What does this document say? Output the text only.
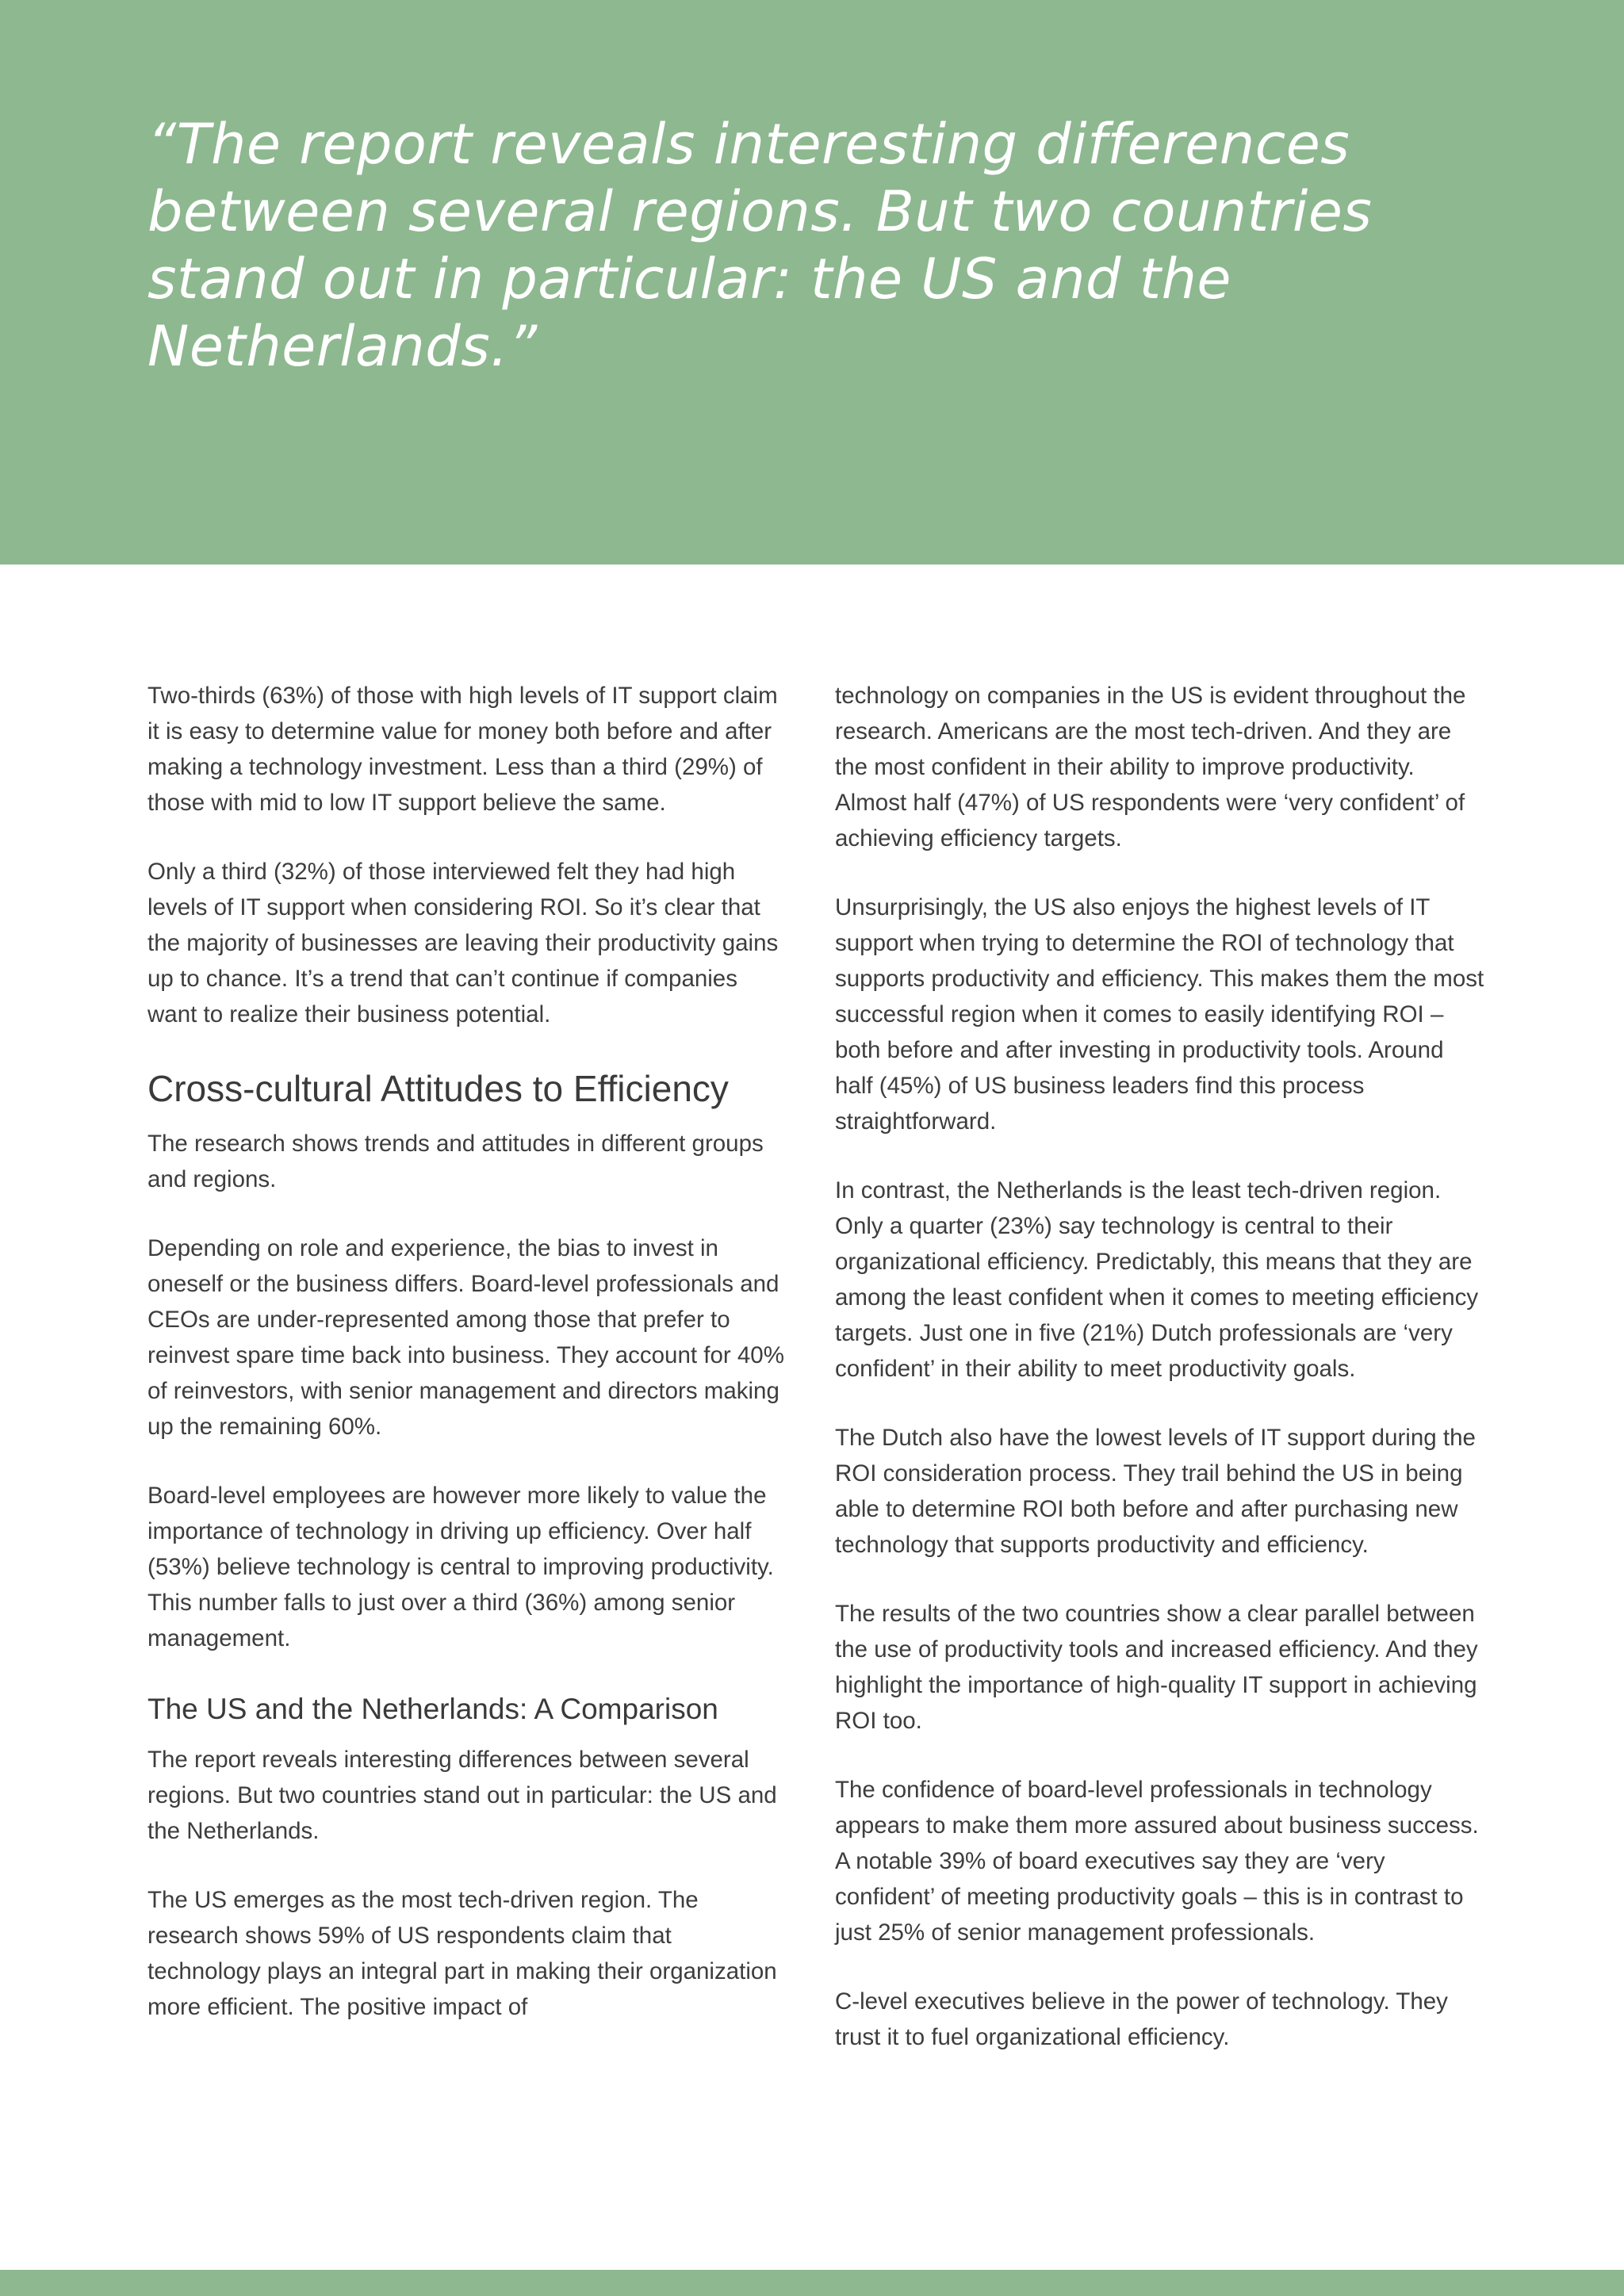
“The report reveals interesting differences between several regions. But two countries stand out in particular: the US and the Netherlands.”

Two-thirds (63%) of those with high levels of IT support claim it is easy to determine value for money both before and after making a technology investment. Less than a third (29%) of those with mid to low IT support believe the same.

Only a third (32%) of those interviewed felt they had high levels of IT support when considering ROI. So it’s clear that the majority of businesses are leaving their productivity gains up to chance. It’s a trend that can’t continue if companies want to realize their business potential.

Cross-cultural Attitudes to Efficiency

The research shows trends and attitudes in different groups and regions.

Depending on role and experience, the bias to invest in oneself or the business differs. Board-level professionals and CEOs are under-represented among those that prefer to reinvest spare time back into business. They account for 40% of reinvestors, with senior management and directors making up the remaining 60%.

Board-level employees are however more likely to value the importance of technology in driving up efficiency. Over half (53%) believe technology is central to improving productivity. This number falls to just over a third (36%) among senior management.

The US and the Netherlands: A Comparison

The report reveals interesting differences between several regions. But two countries stand out in particular: the US and the Netherlands.

The US emerges as the most tech-driven region. The research shows 59% of US respondents claim that technology plays an integral part in making their organization more efficient. The positive impact of

technology on companies in the US is evident throughout the research. Americans are the most tech-driven. And they are the most confident in their ability to improve productivity. Almost half (47%) of US respondents were ‘very confident’ of achieving efficiency targets.

Unsurprisingly, the US also enjoys the highest levels of IT support when trying to determine the ROI of technology that supports productivity and efficiency. This makes them the most successful region when it comes to easily identifying ROI – both before and after investing in productivity tools. Around half (45%) of US business leaders find this process straightforward.

In contrast, the Netherlands is the least tech-driven region. Only a quarter (23%) say technology is central to their organizational efficiency. Predictably, this means that they are among the least confident when it comes to meeting efficiency targets. Just one in five (21%) Dutch professionals are ‘very confident’ in their ability to meet productivity goals.

The Dutch also have the lowest levels of IT support during the ROI consideration process. They trail behind the US in being able to determine ROI both before and after purchasing new technology that supports productivity and efficiency.

The results of the two countries show a clear parallel between the use of productivity tools and increased efficiency. And they highlight the importance of high-quality IT support in achieving ROI too.

The confidence of board-level professionals in technology appears to make them more assured about business success. A notable 39% of board executives say they are ‘very confident’ of meeting productivity goals – this is in contrast to just 25% of senior management professionals.

C-level executives believe in the power of technology. They trust it to fuel organizational efficiency.
